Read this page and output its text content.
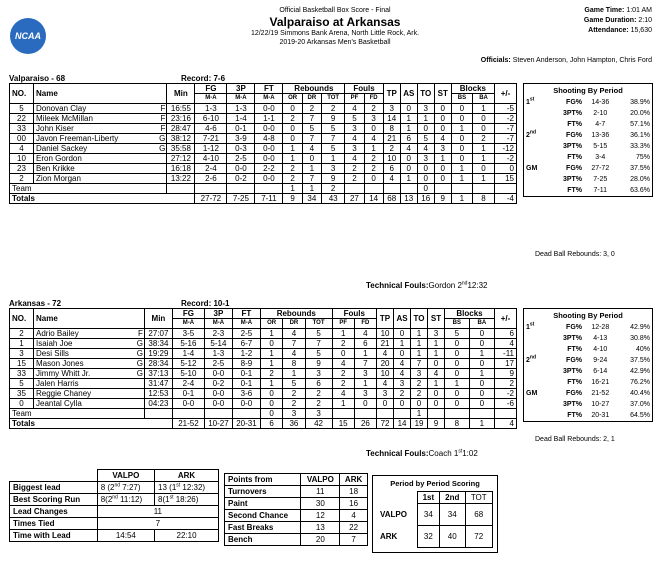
NCAA
Official Basketball Box Score - Final
Valparaiso at Arkansas
12/22/19 Simmons Bank Arena, North Little Rock, Ark.
2019-20 Arkansas Men's Basketball
Game Time: 1:01 AM
Game Duration: 2:10
Attendance: 15,630
Officials: Steven Anderson, John Hampton, Chris Ford
Valparaiso - 68	Record: 7-6
NO.	Name		Min	FG	3P	FT	Rebounds			Fouls		TP	AS	TO	ST	Blocks		+/-
				M-A	M-A	M-A	OR	DR	TOT	PF	FD					BS	BA	
5	Donovan Clay	F	16:55	1-3	1-3	0-0	0	2	2	4	2	3	0	3	0	0	1	-5
22	Mileek McMillan	F	23:16	6-10	1-4	1-1	2	7	9	5	3	14	1	1	0	0	0	-2
33	John Kiser	F	28:47	4-6	0-1	0-0	0	5	5	3	0	8	1	0	0	1	0	-7
00	Javon Freeman-Liberty	G	38:12	7-21	3-9	4-8	0	7	7	4	4	21	6	5	4	0	2	-7
4	Daniel Sackey	G	35:58	1-12	0-3	0-0	1	4	5	3	1	2	4	4	3	0	1	-12
10	Eron Gordon		27:12	4-10	2-5	0-0	1	0	1	4	2	10	0	3	1	0	1	-2
23	Ben Krikke		16:18	2-4	0-0	2-2	2	1	3	2	2	6	0	0	0	1	0	0
2	Zion Morgan		13:22	2-6	0-2	0-0	2	7	9	2	0	4	1	0	0	1	1	15
Team							1	1	2					0				
Totals				27-72	7-25	7-11	9	34	43	27	14	68	13	16	9	1	8	-4
Technical Fouls:Gordon 2nd12:32
Shooting By Period
1st	FG%	14-36	38.9%
	3PT%	2-10	20.0%
	FT%	4-7	57.1%
2nd	FG%	13-36	36.1%
	3PT%	5-15	33.3%
	FT%	3-4	75%
GM	FG%	27-72	37.5%
	3PT%	7-25	28.0%
	FT%	7-11	63.6%
Dead Ball Rebounds: 3, 0
Arkansas - 72	Record: 10-1
NO.	Name		Min	FG	3P	FT	Rebounds			Fouls		TP	AS	TO	ST	Blocks		+/-
				M-A	M-A	M-A	OR	DR	TOT	PF	FD					BS	BA	
2	Adrio Bailey	F	27:07	3-5	2-3	2-5	1	4	5	1	4	10	0	1	3	5	0	6
1	Isaiah Joe	G	38:34	5-16	5-14	6-7	0	7	7	2	6	21	1	1	1	0	0	4
3	Desi Sills	G	19:29	1-4	1-3	1-2	1	4	5	0	1	4	0	1	1	0	1	-11
15	Mason Jones	G	28:34	5-12	2-5	8-9	1	8	9	4	7	20	4	7	0	0	0	17
33	Jimmy Whitt Jr.	G	37:13	5-10	0-0	0-1	2	1	3	2	3	10	4	3	4	0	1	9
5	Jalen Harris		31:47	2-4	0-2	0-1	1	5	6	2	1	4	3	2	1	1	0	2
35	Reggie Chaney		12:53	0-1	0-0	3-6	0	2	2	4	3	3	2	2	0	0	0	-2
0	Jeantal Cylla		04:23	0-0	0-0	0-0	0	2	2	1	0	0	0	0	0	0	0	-6
Team							0	3	3					1				
Totals				21-52	10-27	20-31	6	36	42	15	26	72	14	19	9	8	1	4
Technical Fouls:Coach 1st1:02
Shooting By Period
1st	FG%	12-28	42.9%
	3PT%	4-13	30.8%
	FT%	4-10	40%
2nd	FG%	9-24	37.5%
	3PT%	6-14	42.9%
	FT%	16-21	76.2%
GM	FG%	21-52	40.4%
	3PT%	10-27	37.0%
	FT%	20-31	64.5%
Dead Ball Rebounds: 2, 1
	VALPO	ARK
Biggest lead	8 (2nd 7:27)	13 (1st 12:32)
Best Scoring Run	8(2nd 11:12)	8(1st 18:26)
Lead Changes	11	
Times Tied	7	
Time with Lead	14:54	22:10
Points from	VALPO	ARK
Turnovers	11	18
Paint	30	16
Second Chance	12	4
Fast Breaks	13	22
Bench	20	7
Period by Period Scoring
	1st	2nd	TOT
VALPO	34	34	68
ARK	32	40	72
